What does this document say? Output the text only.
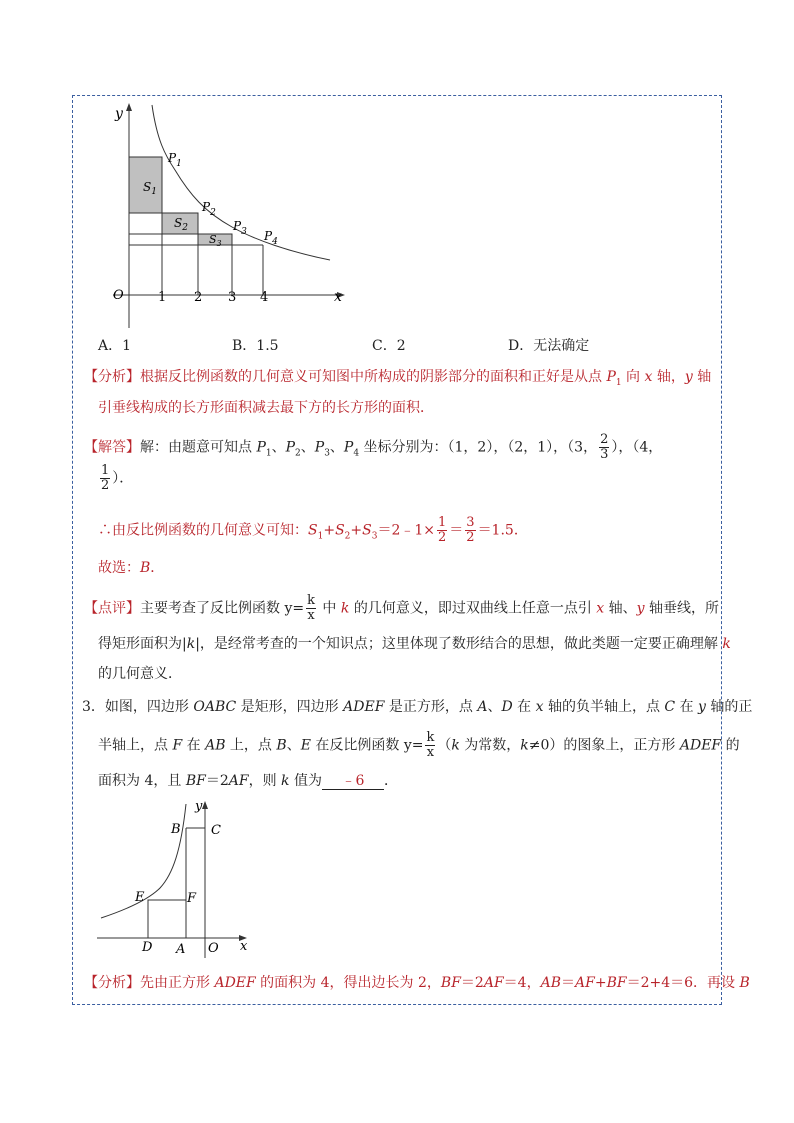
y
x
O	1 2 3 4
$S_1$
$S_2$
$S_3$
$P_1$
$P_2$
$P_3$ $P_4$
A．1	B．1.5	C．2	D．无法确定
【分析】根据反比例函数的几何意义可知图中所构成的阴影部分的面积和正好是从点 $P_1$ 向 x 轴，y 轴
引垂线构成的长方形面积减去最下方的长方形的面积．
【解答】解：由题意可知点 $P_1$、$P_2$、$P_3$、$P_4$ 坐标分别为：（1，2），（2，1），（3， $\frac{2}{3}$ ），（4，
$\frac{1}{2}$ ）．
∴由反比例函数的几何意义可知：$S_1+S_2+S_3=2﹣1\times \frac{1}{2} = \frac{3}{2} =1.5$．
故选：B．
【点评】主要考查了反比例函数 $y= \frac{k}{x}$ 中 k 的几何意义，即过双曲线上任意一点引 x 轴、y 轴垂线，所
得矩形面积为|k|，是经常考查的一个知识点；这里体现了数形结合的思想，做此类题一定要正确理解 k
的几何意义．
3．如图，四边形 OABC 是矩形，四边形 ADEF 是正方形，点 A、D 在 x 轴的负半轴上，点 C 在 y 轴的正
半轴上，点 F 在 AB 上，点 B、E 在反比例函数 $y= \frac{k}{x} (k$ 为常数，k≠0）的图象上，正方形 ADEF 的
面积为 4，且 BF＝2AF，则 k 值为 ﹣6 ．
y
x
B C
E	F
D A O
【分析】先由正方形 ADEF 的面积为 4，得出边长为 2，BF＝2AF＝4，AB＝AF+BF＝2+4＝6．再设 B
